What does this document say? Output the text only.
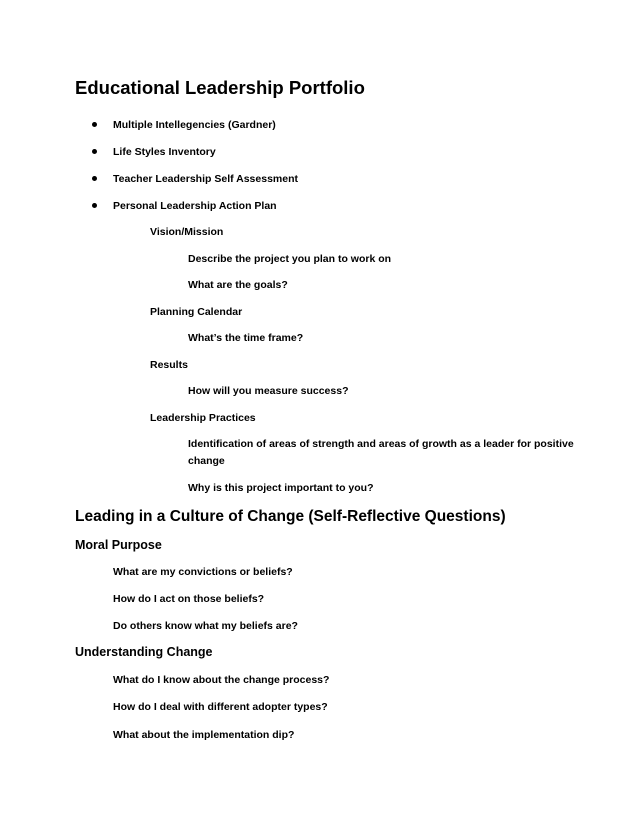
Educational Leadership Portfolio
Multiple Intellegencies (Gardner)
Life Styles Inventory
Teacher Leadership Self Assessment
Personal Leadership Action Plan
Vision/Mission
Describe the project you plan to work on
What are the goals?
Planning Calendar
What’s the time frame?
Results
How will you measure success?
Leadership Practices
Identification of areas of strength and areas of growth as a leader for positive change
Why is this project important to you?
Leading in a Culture of Change (Self-Reflective Questions)
Moral Purpose
What are my convictions or beliefs?
How do I act on those beliefs?
Do others know what my beliefs are?
Understanding Change
What do I know about the change process?
How do I deal with different adopter types?
What about the implementation dip?
